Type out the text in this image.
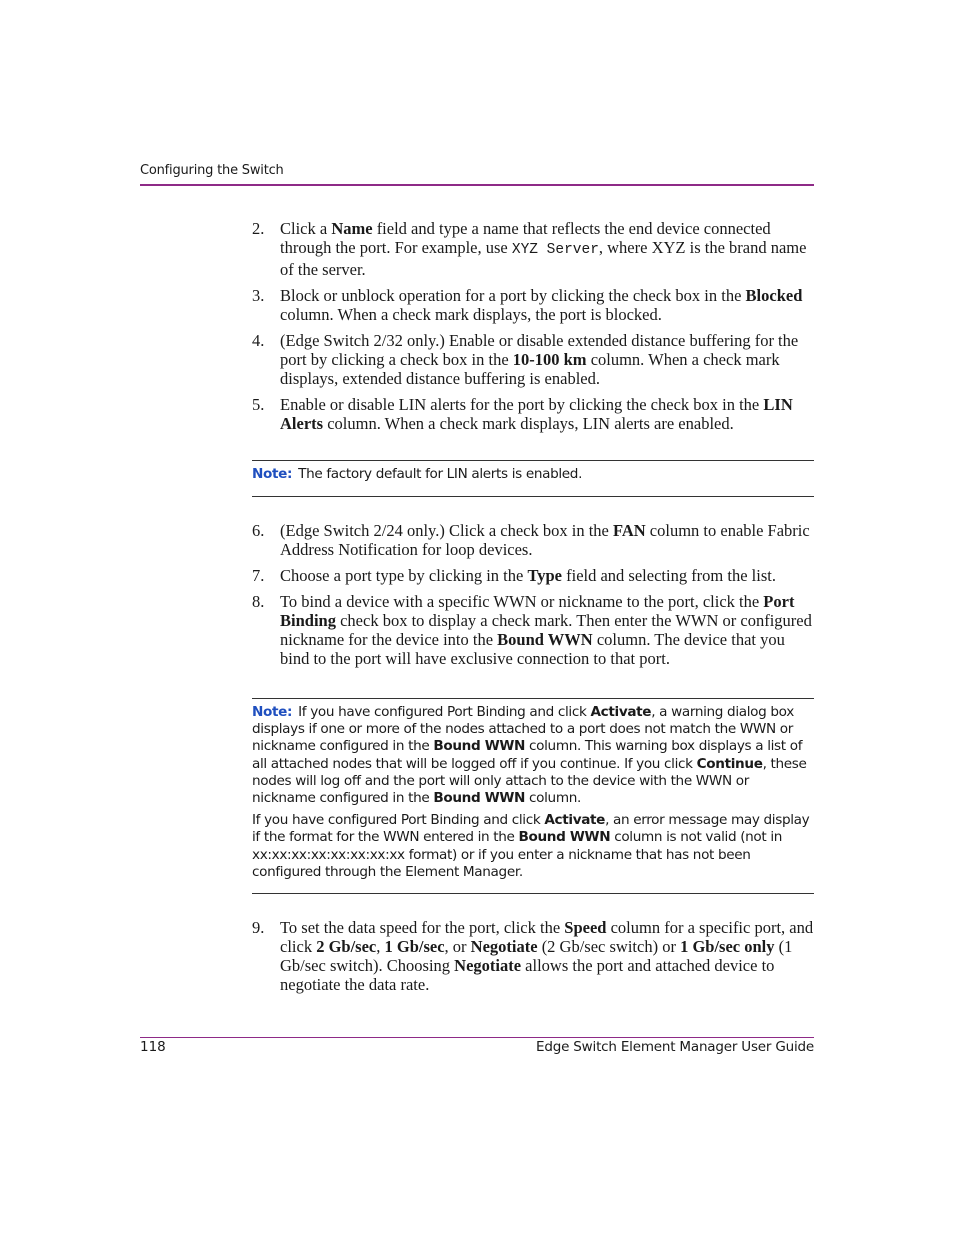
Configuring the Switch
2. Click a Name field and type a name that reflects the end device connected through the port. For example, use XYZ Server, where XYZ is the brand name of the server.
3. Block or unblock operation for a port by clicking the check box in the Blocked column. When a check mark displays, the port is blocked.
4. (Edge Switch 2/32 only.) Enable or disable extended distance buffering for the port by clicking a check box in the 10-100 km column. When a check mark displays, extended distance buffering is enabled.
5. Enable or disable LIN alerts for the port by clicking the check box in the LIN Alerts column. When a check mark displays, LIN alerts are enabled.

Note: The factory default for LIN alerts is enabled.

6. (Edge Switch 2/24 only.) Click a check box in the FAN column to enable Fabric Address Notification for loop devices.
7. Choose a port type by clicking in the Type field and selecting from the list.
8. To bind a device with a specific WWN or nickname to the port, click the Port Binding check box to display a check mark. Then enter the WWN or configured nickname for the device into the Bound WWN column. The device that you bind to the port will have exclusive connection to that port.

Note: If you have configured Port Binding and click Activate, a warning dialog box displays if one or more of the nodes attached to a port does not match the WWN or nickname configured in the Bound WWN column. This warning box displays a list of all attached nodes that will be logged off if you continue. If you click Continue, these nodes will log off and the port will only attach to the device with the WWN or nickname configured in the Bound WWN column.

If you have configured Port Binding and click Activate, an error message may display if the format for the WWN entered in the Bound WWN column is not valid (not in xx:xx:xx:xx:xx:xx:xx:xx format) or if you enter a nickname that has not been configured through the Element Manager.

9. To set the data speed for the port, click the Speed column for a specific port, and click 2 Gb/sec, 1 Gb/sec, or Negotiate (2 Gb/sec switch) or 1 Gb/sec only (1 Gb/sec switch). Choosing Negotiate allows the port and attached device to negotiate the data rate.
118	Edge Switch Element Manager User Guide
